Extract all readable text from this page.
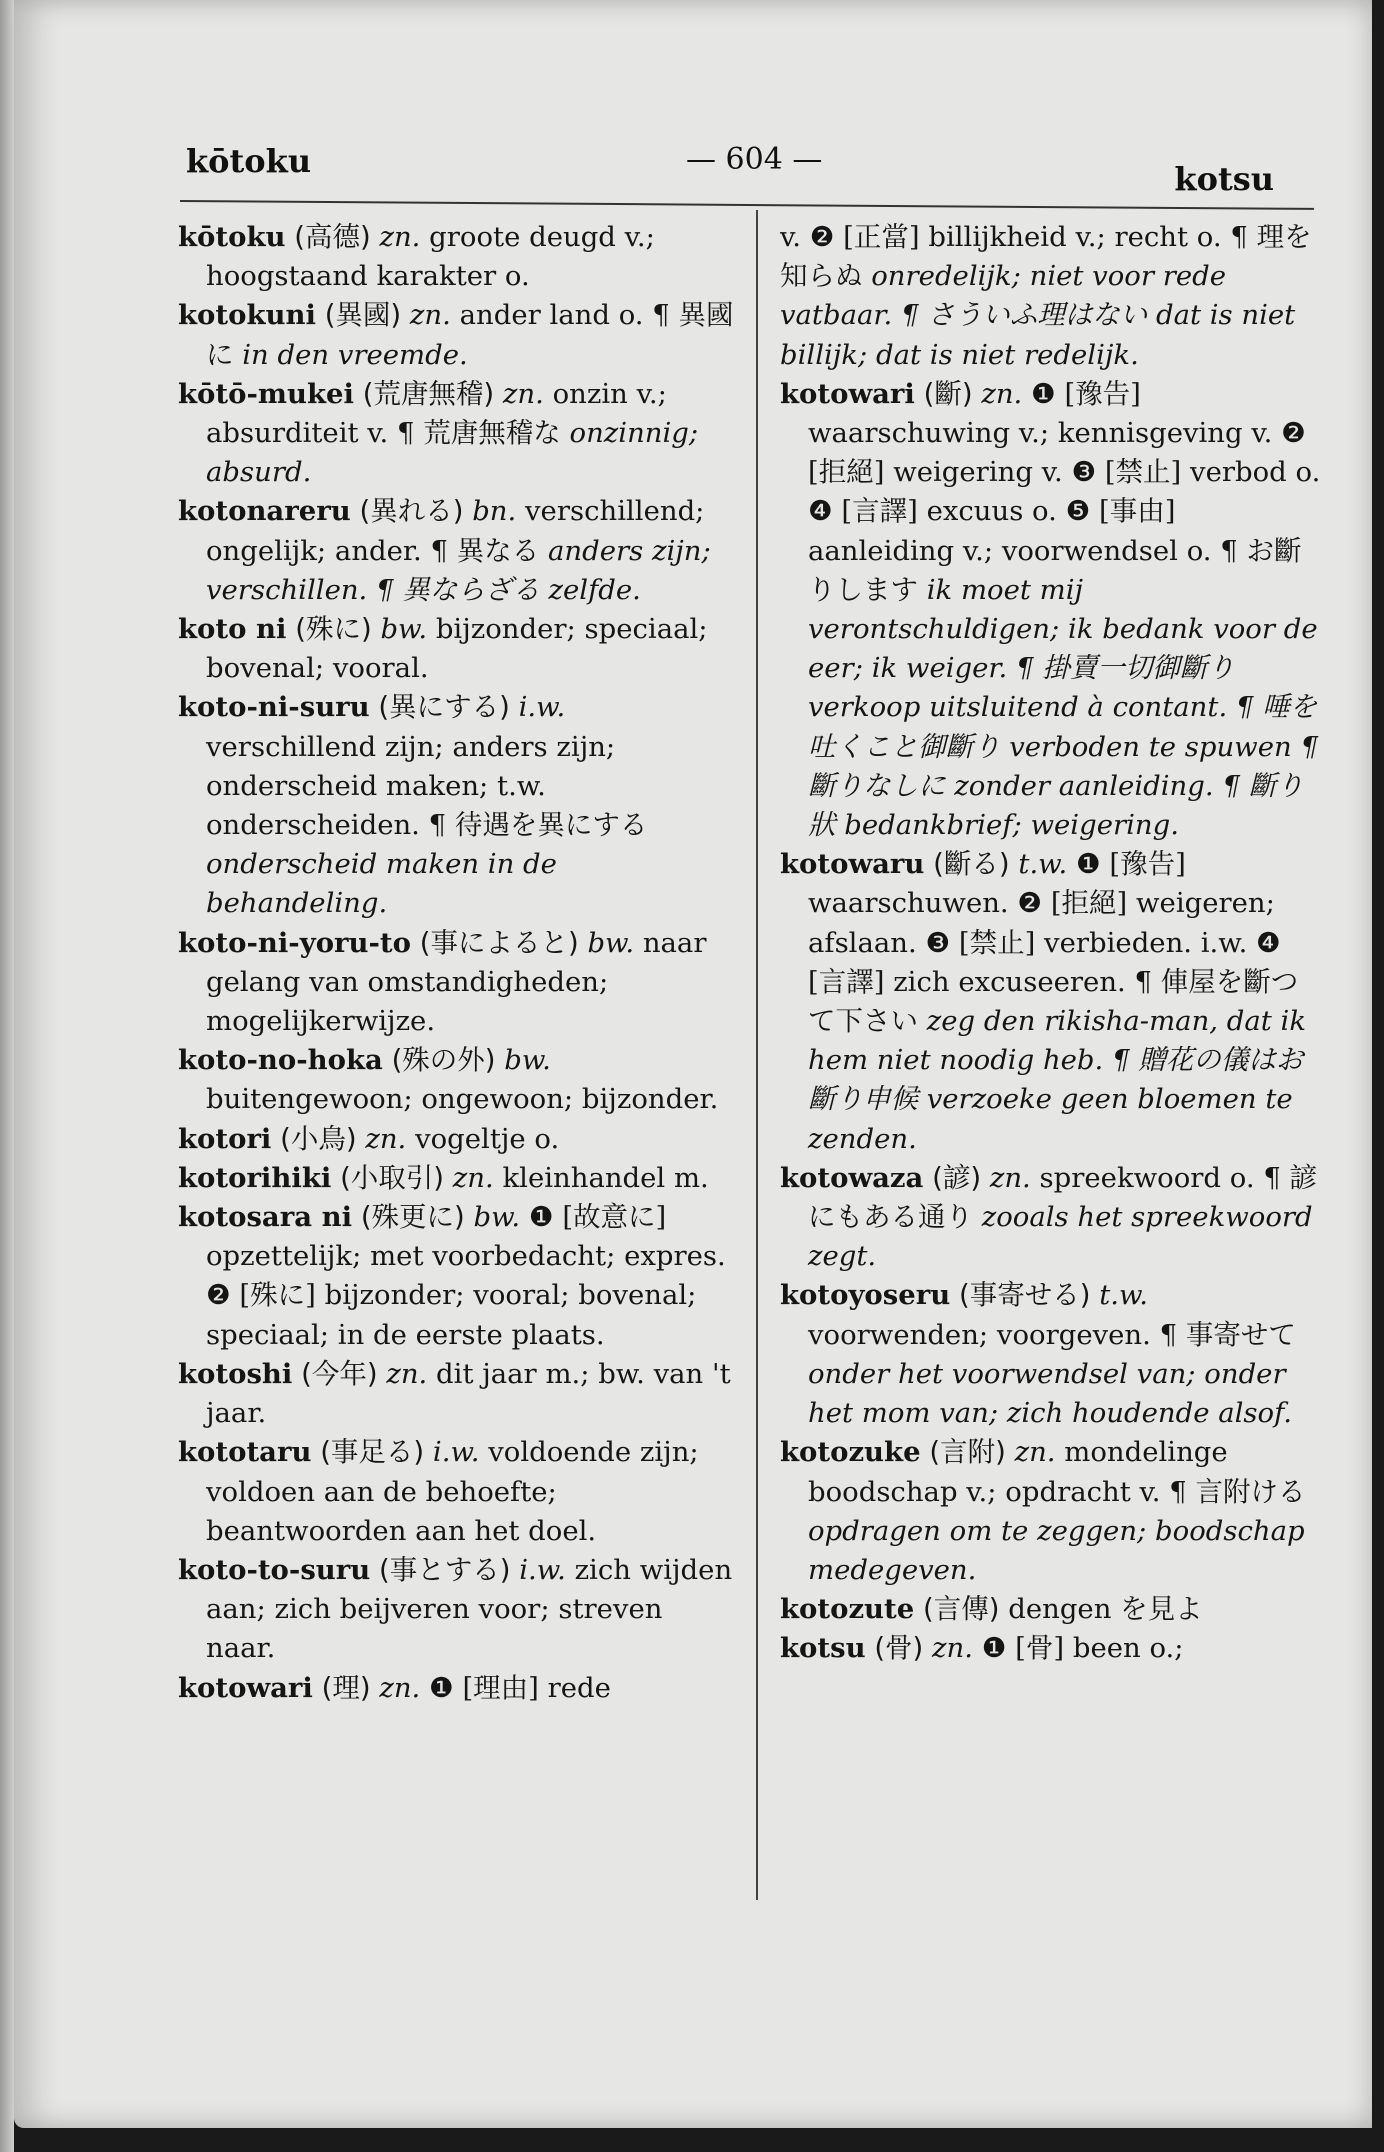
kōtoku	— 604 —
kotsu

kōtoku (高德) zn. groote deugd v.; hoogstaand karakter o.

kotokuni (異國) zn. ander land o. ¶ 異國に in den vreemde.

kōtō-mukei (荒唐無稽) zn. onzin v.; absurditeit v. ¶ 荒唐無稽な onzinnig; absurd.

kotonareru (異れる) bn. verschillend; ongelijk; ander. ¶ 異なる anders zijn; verschillen. ¶ 異ならざる zelfde.

koto ni (殊に) bw. bijzonder; speciaal; bovenal; vooral.

koto-ni-suru (異にする) i.w. verschillend zijn; anders zijn; onderscheid maken; t.w. onderscheiden. ¶ 待遇を異にする onderscheid maken in de behandeling.

koto-ni-yoru-to (事によると) bw. naar gelang van omstandigheden; mogelijkerwijze.

koto-no-hoka (殊の外) bw. buitengewoon; ongewoon; bijzonder.

kotori (小鳥) zn. vogeltje o.

kotorihiki (小取引) zn. kleinhandel m.

kotosara ni (殊更に) bw. ❶ [故意に] opzettelijk; met voorbedacht; expres. ❷ [殊に] bijzonder; vooral; bovenal; speciaal; in de eerste plaats.

kotoshi (今年) zn. dit jaar m.; bw. van 't jaar.

kototaru (事足る) i.w. voldoende zijn; voldoen aan de behoefte; beantwoorden aan het doel.

koto-to-suru (事とする) i.w. zich wijden aan; zich beijveren voor; streven naar.

kotowari (理) zn. ❶ [理由] rede

v. ❷ [正當] billijkheid v.; recht o. ¶ 理を知らぬ onredelijk; niet voor rede vatbaar. ¶ さういふ理はない dat is niet billijk; dat is niet redelijk.

kotowari (斷) zn. ❶ [豫告] waarschuwing v.; kennisgeving v. ❷ [拒絕] weigering v. ❸ [禁止] verbod o. ❹ [言譯] excuus o. ❺ [事由] aanleiding v.; voorwendsel o. ¶ お斷りします ik moet mij verontschuldigen; ik bedank voor de eer; ik weiger. ¶ 掛賣一切御斷り verkoop uitsluitend à contant. ¶ 唾を吐くこと御斷り verboden te spuwen ¶ 斷りなしに zonder aanleiding. ¶ 斷り狀 bedankbrief; weigering.

kotowaru (斷る) t.w. ❶ [豫告] waarschuwen. ❷ [拒絕] weigeren; afslaan. ❸ [禁止] verbieden. i.w. ❹ [言譯] zich excuseeren. ¶ 俥屋を斷つて下さい zeg den rikisha-man, dat ik hem niet noodig heb. ¶ 贈花の儀はお斷り申候 verzoeke geen bloemen te zenden.

kotowaza (諺) zn. spreekwoord o. ¶ 諺にもある通り zooals het spreekwoord zegt.

kotoyoseru (事寄せる) t.w. voorwenden; voorgeven. ¶ 事寄せて onder het voorwendsel van; onder het mom van; zich houdende alsof.

kotozuke (言附) zn. mondelinge boodschap v.; opdracht v. ¶ 言附ける opdragen om te zeggen; boodschap medegeven.

kotozute (言傳) dengen を見よ

kotsu (骨) zn. ❶ [骨] been o.;
